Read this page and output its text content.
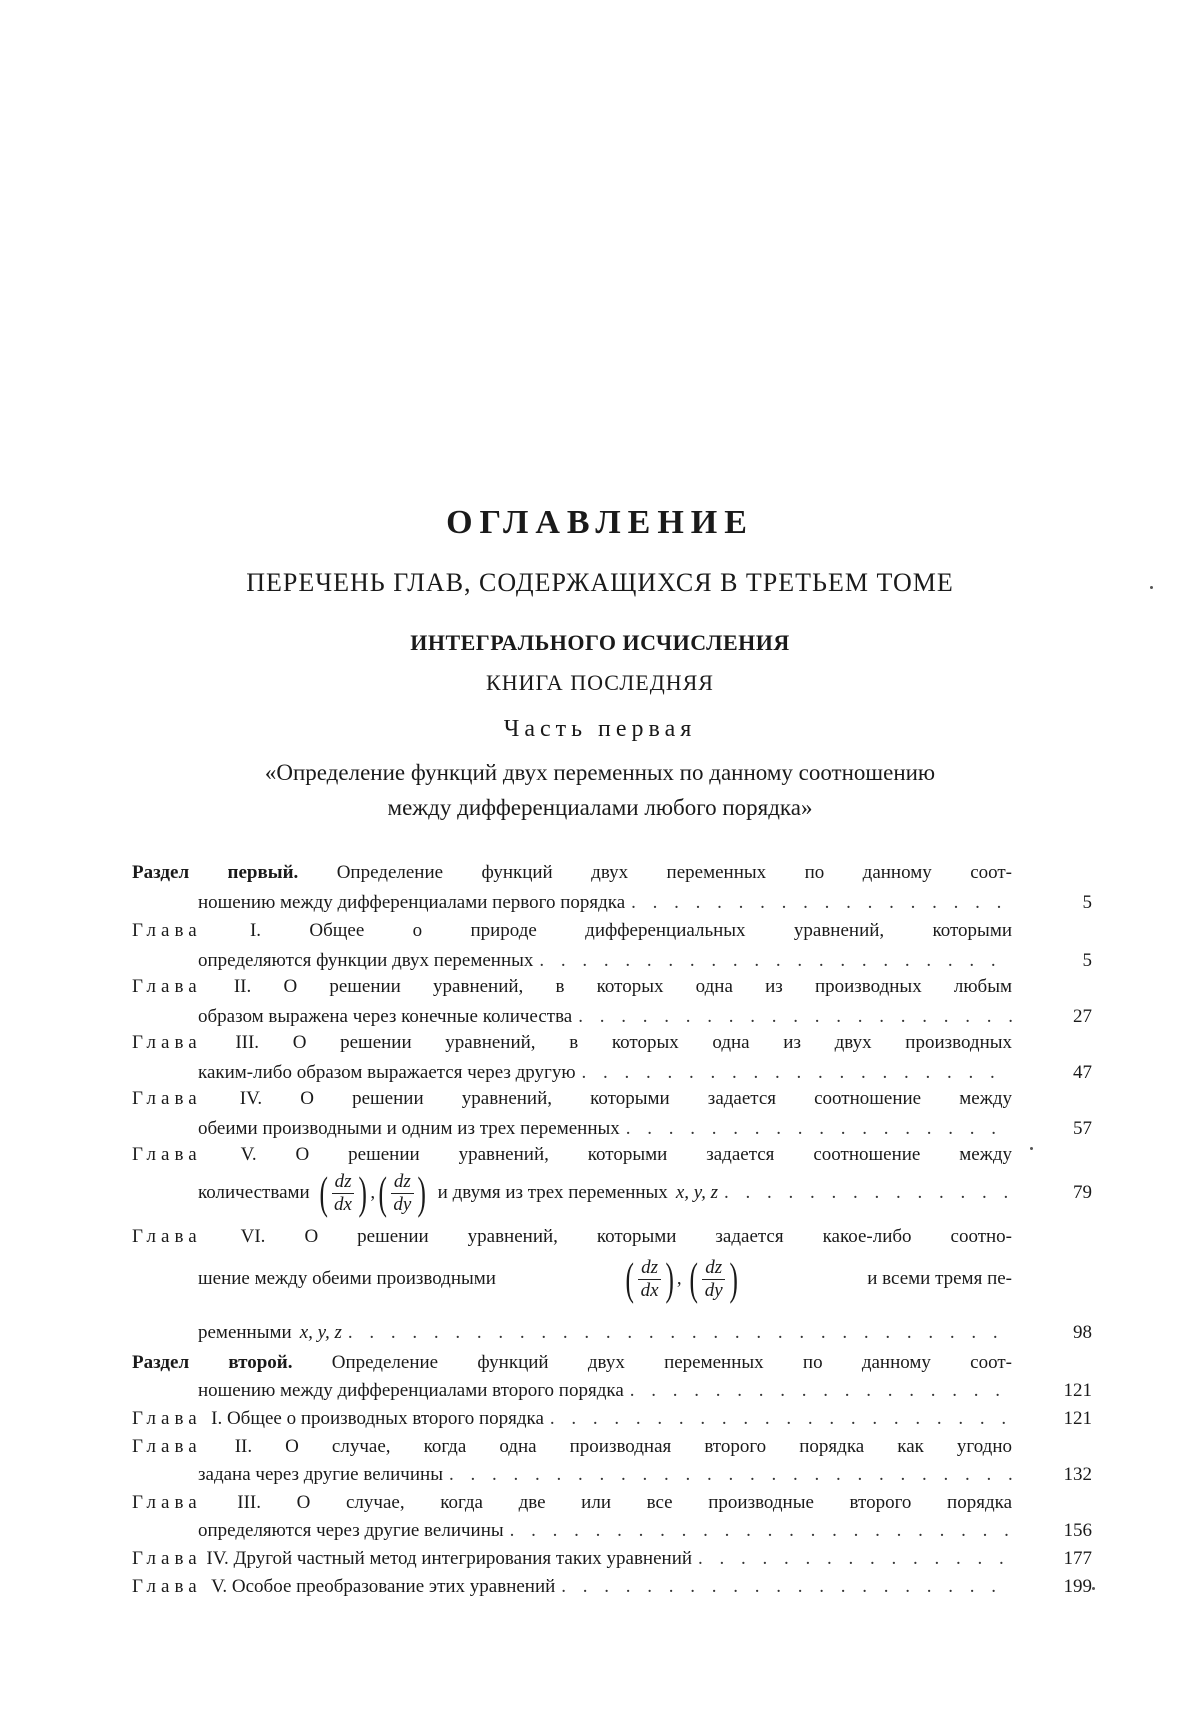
ОГЛАВЛЕНИЕ
ПЕРЕЧЕНЬ ГЛАВ, СОДЕРЖАЩИХСЯ В ТРЕТЬЕМ ТОМЕ
ИНТЕГРАЛЬНОГО ИСЧИСЛЕНИЯ
КНИГА ПОСЛЕДНЯЯ
Часть первая
«Определение функций двух переменных по данному соотношению
между дифференциалами любого порядка»
Раздел первый. Определение функций двух переменных по данному соот-
ношению между дифференциалами первого порядка . . .	5
Глава	I.	Общее о природе дифференциальных уравнений, которыми
определяются функции двух переменных . . .	5
Глава II. О решении уравнений, в которых одна из производных любым
образом выражена через конечные количества . . .	27
Глава III. О решении уравнений, в которых одна из двух производных
каким-либо образом выражается через другую . . .	47
Глава IV. О решении уравнений, которыми задается соотношение между
обеими производными и одним из трех переменных . . .	57
Глава V. О решении уравнений, которыми задается соотношение между
количествами ( $\frac{dz}{dx}$ ) , ( $\frac{dz}{dy}$ ) и двумя из трех переменных x, y, z . . .	79
Глава VI. О решении уравнений, которыми задается какое-либо соотно-
шение между обеими производными	( $\frac{dz}{dx}$ ) , ( $\frac{dz}{dy}$ )	и всеми тремя пе-
ременными x, y, z . . .	98
Раздел второй. Определение функций двух переменных по данному соот-
ношению между дифференциалами второго порядка . . .	121
Глава I. Общее о производных второго порядка . . .	121
Глава II. О случае, когда одна производная второго порядка как угодно
задана через другие величины . . .	132
Глава III. О случае, когда две или все производные второго порядка
определяются через другие величины . . .	156
Глава IV. Другой частный метод интегрирования таких уравнений . . .	177
Глава V. Особое преобразование этих уравнений . . .	199
